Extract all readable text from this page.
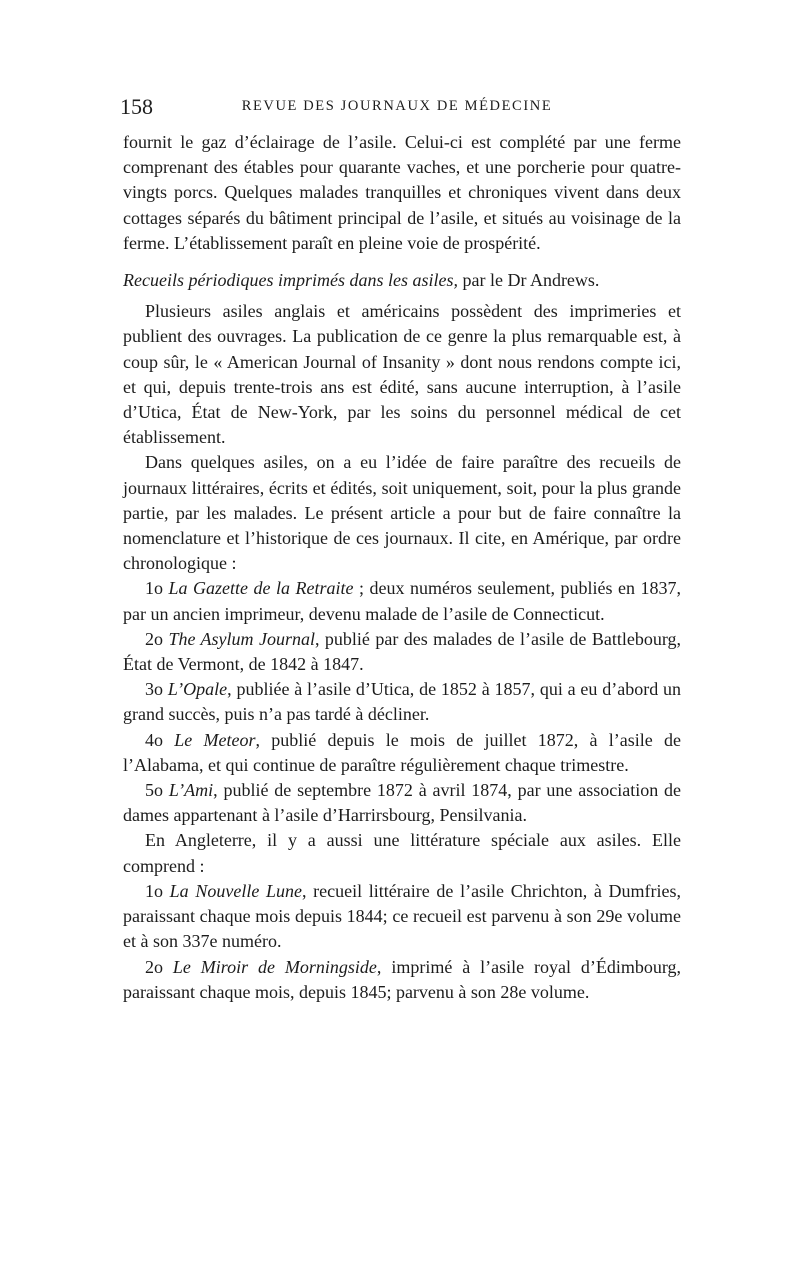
158	REVUE DES JOURNAUX DE MÉDECINE

fournit le gaz d’éclairage de l’asile. Celui-ci est complété par une ferme comprenant des étables pour quarante vaches, et une porcherie pour quatre-vingts porcs. Quelques malades tranquilles et chroniques vivent dans deux cottages séparés du bâtiment principal de l’asile, et situés au voisinage de la ferme. L’établissement paraît en pleine voie de prospérité.

Recueils périodiques imprimés dans les asiles, par le Dr Andrews.

Plusieurs asiles anglais et américains possèdent des imprimeries et publient des ouvrages. La publication de ce genre la plus remarquable est, à coup sûr, le « American Journal of Insanity » dont nous rendons compte ici, et qui, depuis trente-trois ans est édité, sans aucune interruption, à l’asile d’Utica, État de New-York, par les soins du personnel médical de cet établissement.

Dans quelques asiles, on a eu l’idée de faire paraître des recueils de journaux littéraires, écrits et édités, soit uniquement, soit, pour la plus grande partie, par les malades. Le présent article a pour but de faire connaître la nomenclature et l’historique de ces journaux. Il cite, en Amérique, par ordre chronologique :

1o La Gazette de la Retraite ; deux numéros seulement, publiés en 1837, par un ancien imprimeur, devenu malade de l’asile de Connecticut.

2o The Asylum Journal, publié par des malades de l’asile de Battlebourg, État de Vermont, de 1842 à 1847.

3o L’Opale, publiée à l’asile d’Utica, de 1852 à 1857, qui a eu d’abord un grand succès, puis n’a pas tardé à décliner.

4o Le Meteor, publié depuis le mois de juillet 1872, à l’asile de l’Alabama, et qui continue de paraître régulièrement chaque trimestre.

5o L’Ami, publié de septembre 1872 à avril 1874, par une association de dames appartenant à l’asile d’Harrirsbourg, Pensilvania.

En Angleterre, il y a aussi une littérature spéciale aux asiles. Elle comprend :

1o La Nouvelle Lune, recueil littéraire de l’asile Chrichton, à Dumfries, paraissant chaque mois depuis 1844; ce recueil est parvenu à son 29e volume et à son 337e numéro.

2o Le Miroir de Morningside, imprimé à l’asile royal d’Édimbourg, paraissant chaque mois, depuis 1845; parvenu à son 28e volume.
